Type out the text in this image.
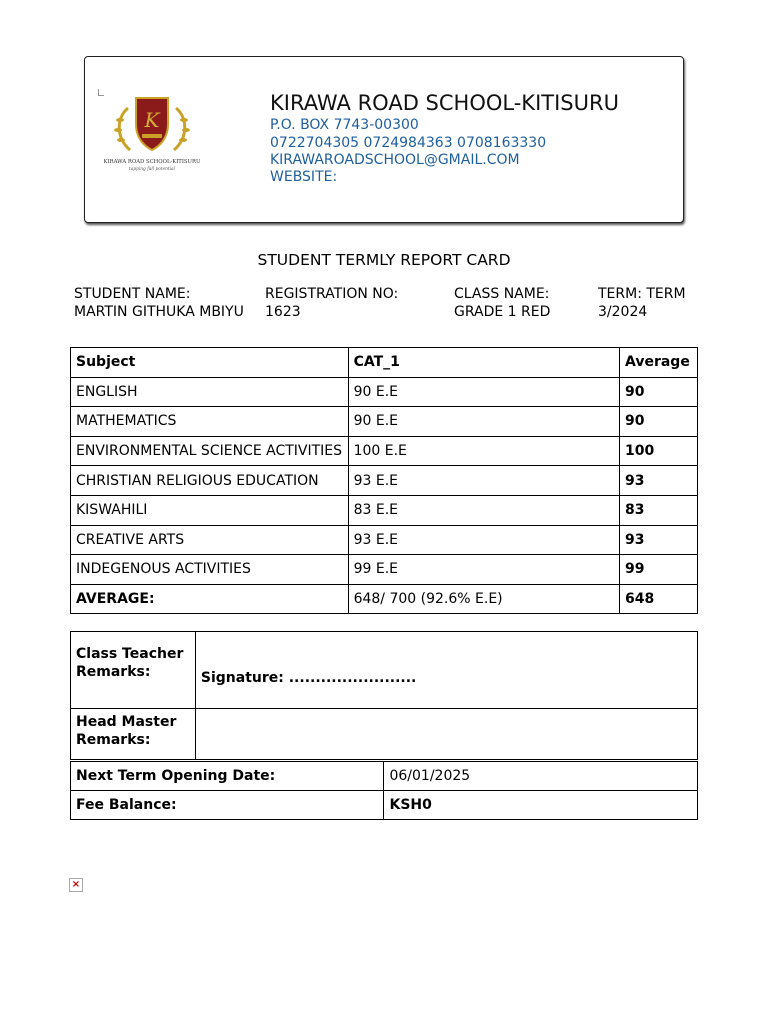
K
KIRAWA ROAD SCHOOL-KITISURU
tapping full potential
KIRAWA ROAD SCHOOL-KITISURU
P.O. BOX 7743-00300
0722704305 0724984363 0708163330
KIRAWAROADSCHOOL@GMAIL.COM
WEBSITE:
STUDENT TERMLY REPORT CARD
STUDENT NAME:
MARTIN GITHUKA MBIYU
REGISTRATION NO:
1623
CLASS NAME:
GRADE 1 RED
TERM: TERM
3/2024
Subject	CAT_1	Average
ENGLISH	90 E.E	90
MATHEMATICS	90 E.E	90
ENVIRONMENTAL SCIENCE ACTIVITIES	100 E.E	100
CHRISTIAN RELIGIOUS EDUCATION	93 E.E	93
KISWAHILI	83 E.E	83
CREATIVE ARTS	93 E.E	93
INDEGENOUS ACTIVITIES	99 E.E	99
AVERAGE:	648/ 700 (92.6% E.E)	648
Class Teacher Remarks:	Signature: ........................
Head Master Remarks:	
Next Term Opening Date:	06/01/2025
Fee Balance:	KSH0
×
